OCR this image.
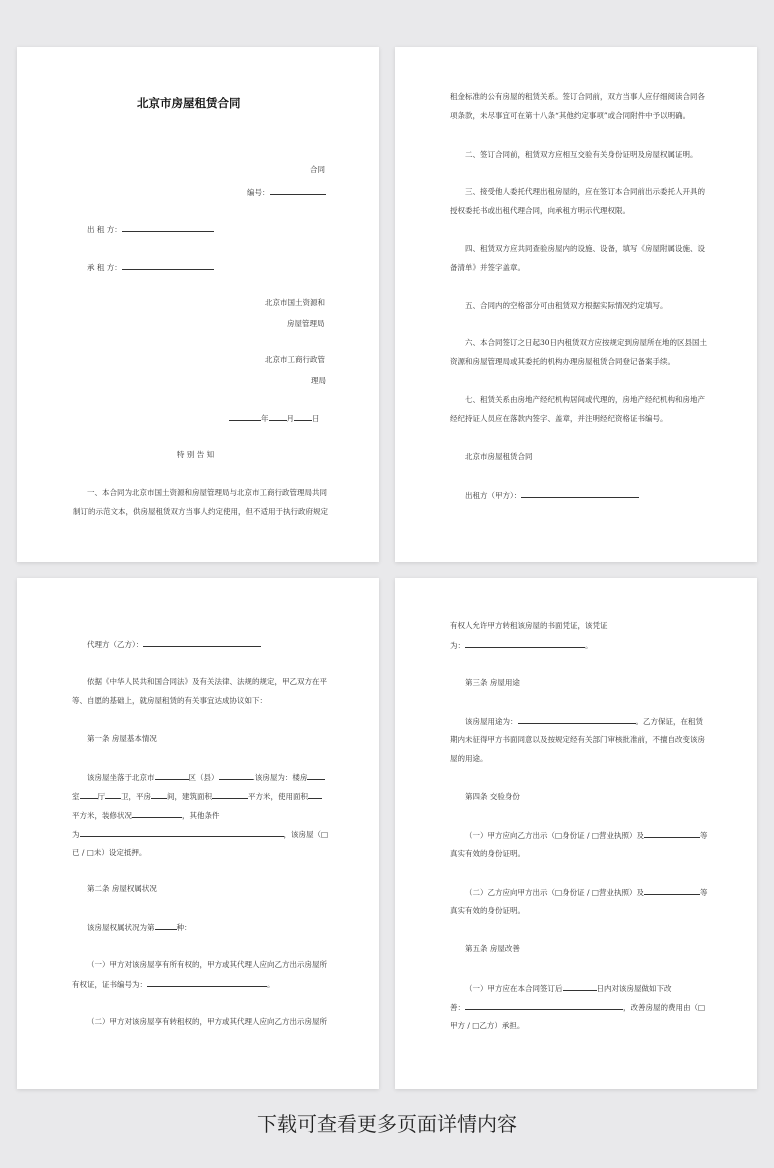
北京市房屋租赁合同
合同
编号：
出 租 方：
承 租 方：
北京市国土资源和
房屋管理局
北京市工商行政管
理局
年 月 日
特 别 告 知
一、本合同为北京市国土资源和房屋管理局与北京市工商行政管理局共同
制订的示范文本，供房屋租赁双方当事人约定使用，但不适用于执行政府规定
租金标准的公有房屋的租赁关系。签订合同前，双方当事人应仔细阅读合同各
项条款，未尽事宜可在第十八条“其他约定事项”或合同附件中予以明确。
二、签订合同前，租赁双方应相互交验有关身份证明及房屋权属证明。
三、接受他人委托代理出租房屋的，应在签订本合同前出示委托人开具的
授权委托书或出租代理合同，向承租方明示代理权限。
四、租赁双方应共同查验房屋内的设施、设备，填写《房屋附属设施、设
备清单》并签字盖章。
五、合同内的空格部分可由租赁双方根据实际情况约定填写。
六、本合同签订之日起30日内租赁双方应按规定到房屋所在地的区县国土
资源和房屋管理局或其委托的机构办理房屋租赁合同登记备案手续。
七、租赁关系由房地产经纪机构居间或代理的，房地产经纪机构和房地产
经纪持证人员应在落款内签字、盖章，并注明经纪资格证书编号。
北京市房屋租赁合同
出租方（甲方）：
代理方（乙方）：
依据《中华人民共和国合同法》及有关法律、法规的规定，甲乙双方在平
等、自愿的基础上，就房屋租赁的有关事宜达成协议如下：
第一条 房屋基本情况
该房屋坐落于北京市	区（县）	.该房屋为：楼房
室 厅 卫，平房 间，建筑面积	平方米，使用面积
平方米，装修状况	，其他条件
为	，该房屋（□
已 / □未）设定抵押。
第二条 房屋权属状况
该房屋权属状况为第	种：
（一）甲方对该房屋享有所有权的，甲方或其代理人应向乙方出示房屋所
有权证，证书编号为：	。
（二）甲方对该房屋享有转租权的，甲方或其代理人应向乙方出示房屋所
有权人允许甲方转租该房屋的书面凭证，该凭证
为：	。
第三条 房屋用途
该房屋用途为：	。乙方保证，在租赁
期内未征得甲方书面同意以及按规定经有关部门审核批准前，不擅自改变该房
屋的用途。
第四条 交验身份
（一）甲方应向乙方出示（□身份证 / □营业执照）及	等
真实有效的身份证明。
（二）乙方应向甲方出示（□身份证 / □营业执照）及	等
真实有效的身份证明。
第五条 房屋改善
（一）甲方应在本合同签订后	日内对该房屋做如下改
善：	，改善房屋的费用由（□
甲方 / □乙方）承担。
下载可查看更多页面详情内容
